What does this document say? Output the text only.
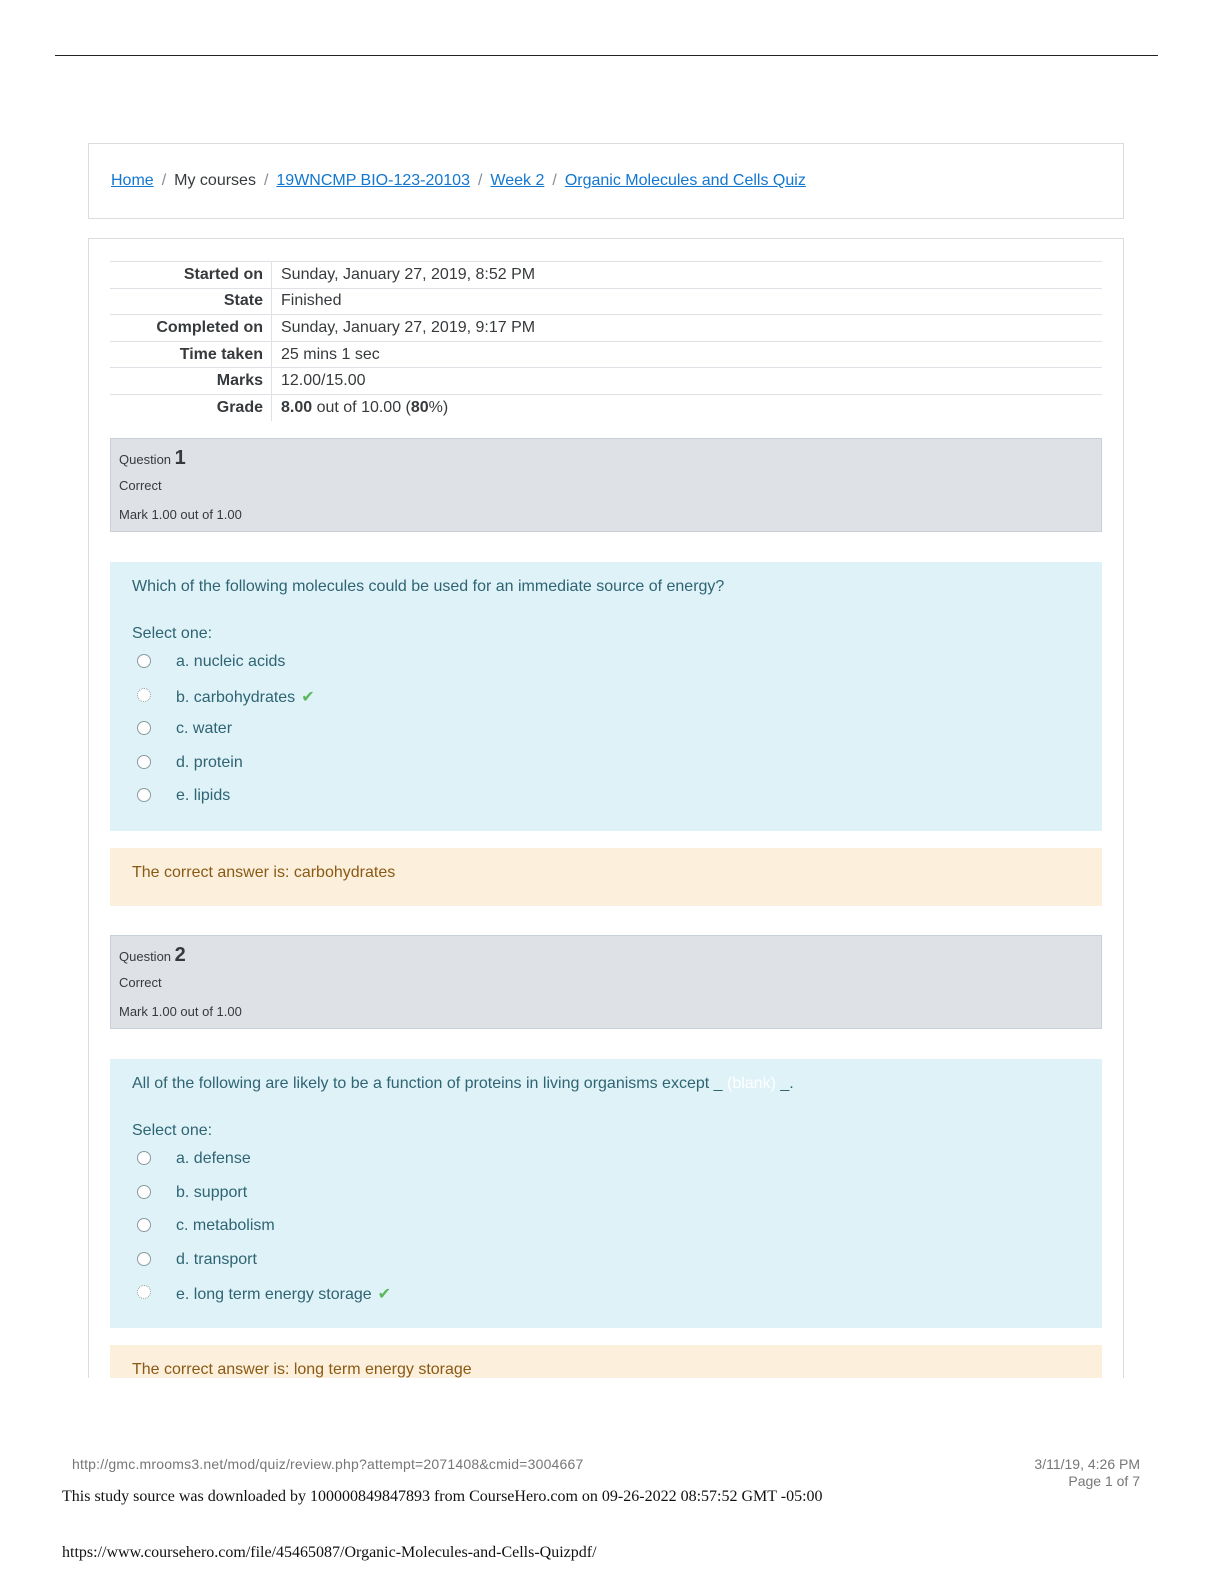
Home / My courses / 19WNCMP BIO-123-20103 / Week 2 / Organic Molecules and Cells Quiz
Started on	Sunday, January 27, 2019, 8:52 PM
State	Finished
Completed on	Sunday, January 27, 2019, 9:17 PM
Time taken	25 mins 1 sec
Marks	12.00/15.00
Grade	8.00 out of 10.00 (80%)
Question 1
Correct
Mark 1.00 out of 1.00
Which of the following molecules could be used for an immediate source of energy?
Select one:
a. nucleic acids
b. carbohydrates ✔
c. water
d. protein
e. lipids
The correct answer is: carbohydrates
Question 2
Correct
Mark 1.00 out of 1.00
All of the following are likely to be a function of proteins in living organisms except _ (blank) _.
Select one:
a. defense
b. support
c. metabolism
d. transport
e. long term energy storage ✔
The correct answer is: long term energy storage
http://gmc.mrooms3.net/mod/quiz/review.php?attempt=2071408&cmid=3004667	3/11/19, 4:26 PM
Page 1 of 7
This study source was downloaded by 100000849847893 from CourseHero.com on 09-26-2022 08:57:52 GMT -05:00
https://www.coursehero.com/file/45465087/Organic-Molecules-and-Cells-Quizpdf/
